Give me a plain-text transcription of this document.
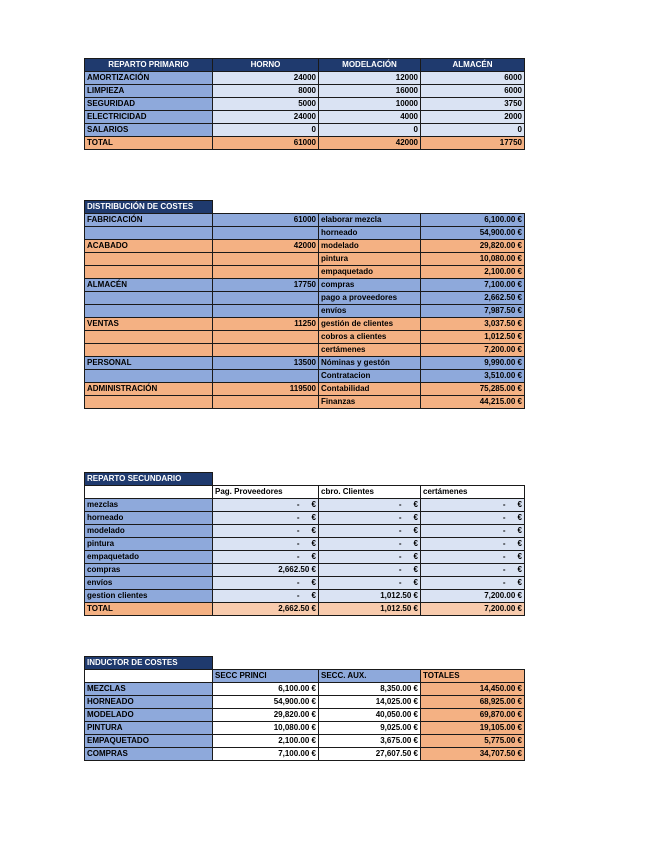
REPARTO PRIMARIO	HORNO	MODELACIÓN	ALMACÉN
AMORTIZACIÓN	24000	12000	6000
LIMPIEZA	8000	16000	6000
SEGURIDAD	5000	10000	3750
ELECTRICIDAD	24000	4000	2000
SALARIOS	0	0	0
TOTAL	61000	42000	17750
DISTRIBUCIÓN DE COSTES			
FABRICACIÓN	61000	elaborar mezcla	6,100.00 €
		horneado	54,900.00 €
ACABADO	42000	modelado	29,820.00 €
		pintura	10,080.00 €
		empaquetado	2,100.00 €
ALMACÉN	17750	compras	7,100.00 €
		pago a proveedores	2,662.50 €
		envíos	7,987.50 €
VENTAS	11250	gestión de clientes	3,037.50 €
		cobros a clientes	1,012.50 €
		certámenes	7,200.00 €
PERSONAL	13500	Nóminas y gestón	9,990.00 €
		Contratacion	3,510.00 €
ADMINISTRACIÓN	119500	Contabilidad	75,285.00 €
		Finanzas	44,215.00 €
REPARTO SECUNDARIO			
	Pag. Proveedores	cbro. Clientes	certámenes
mezclas	- €	- €	- €

horneado	- €	- €	- €

modelado	- €	- €	- €

pintura	- €	- €	- €

empaquetado	- €	- €	- €

compras	2,662.50 €	- €	- €

envíos	- €	- €	- €

gestion clientes	- €	1,012.50 €	7,200.00 €
TOTAL	2,662.50 €	1,012.50 €	7,200.00 €
INDUCTOR DE COSTES			
	SECC PRINCI	SECC. AUX.	TOTALES
MEZCLAS	6,100.00 €	8,350.00 €	14,450.00 €
HORNEADO	54,900.00 €	14,025.00 €	68,925.00 €
MODELADO	29,820.00 €	40,050.00 €	69,870.00 €
PINTURA	10,080.00 €	9,025.00 €	19,105.00 €
EMPAQUETADO	2,100.00 €	3,675.00 €	5,775.00 €
COMPRAS	7,100.00 €	27,607.50 €	34,707.50 €
